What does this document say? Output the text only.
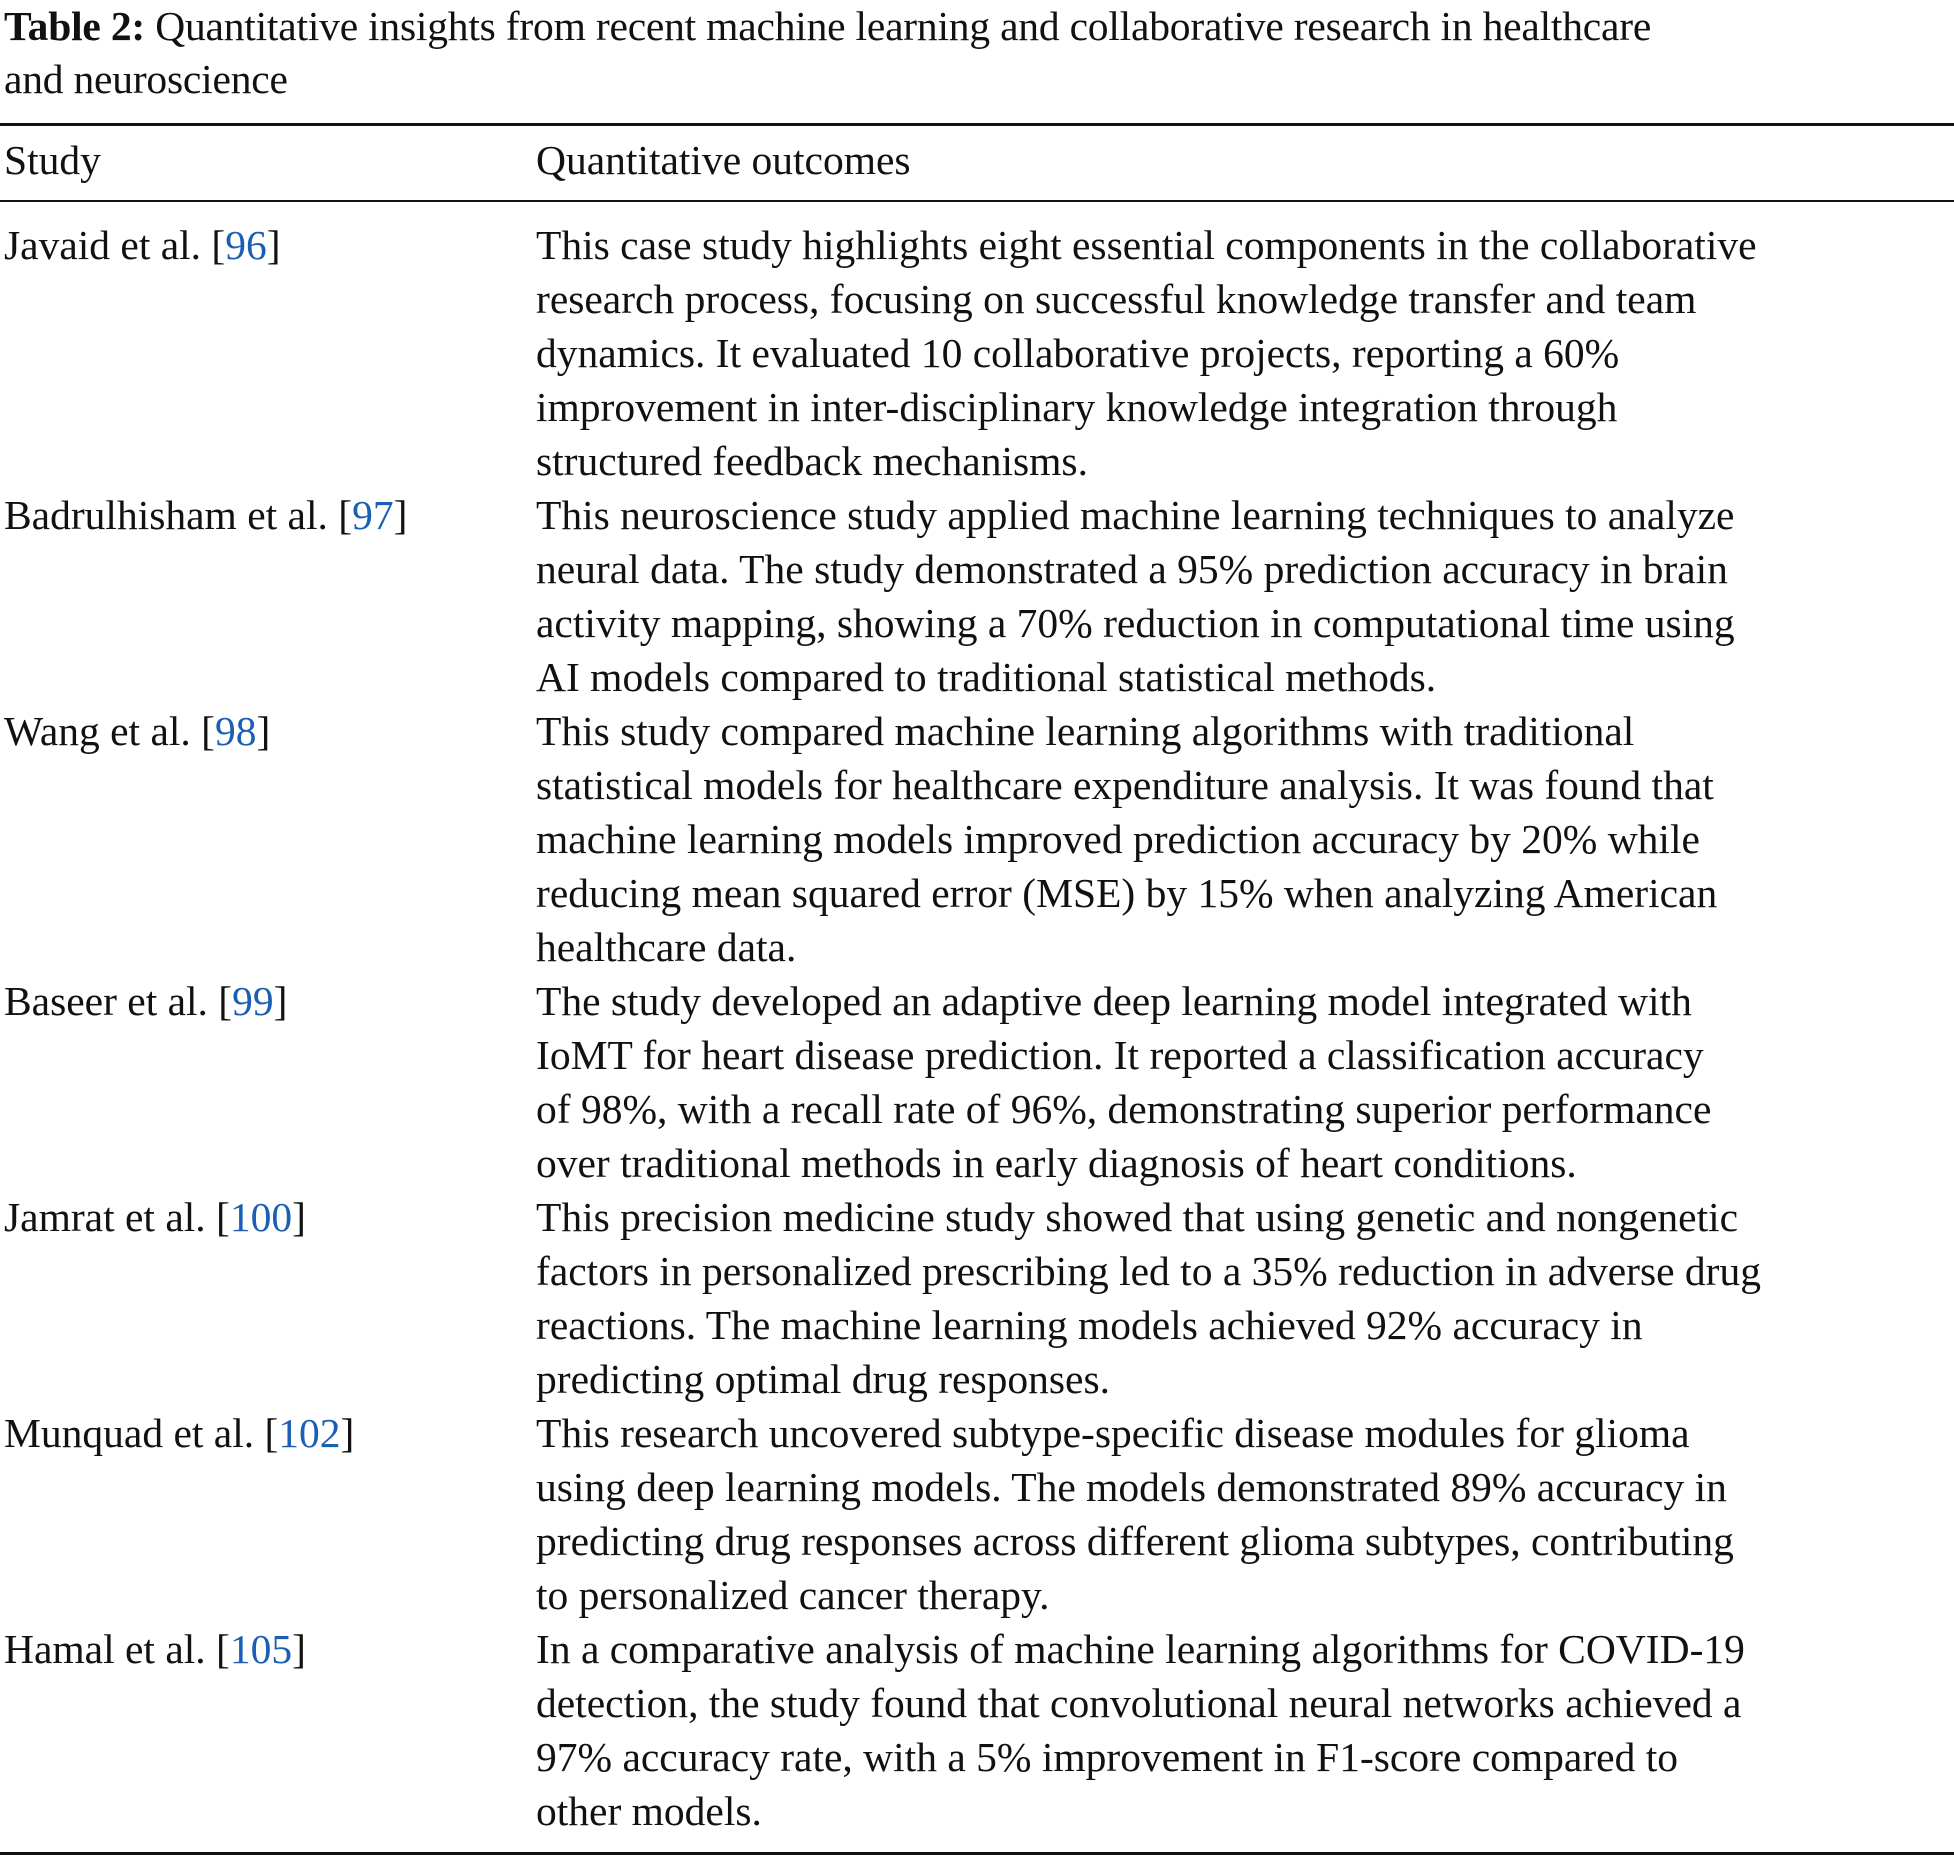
Table 2: Quantitative insights from recent machine learning and collaborative research in healthcare
and neuroscience
Study	Quantitative outcomes
Javaid et al. [96]	This case study highlights eight essential components in the collaborative
research process, focusing on successful knowledge transfer and team
dynamics. It evaluated 10 collaborative projects, reporting a 60%
improvement in inter-disciplinary knowledge integration through
structured feedback mechanisms.
Badrulhisham et al. [97]	This neuroscience study applied machine learning techniques to analyze
neural data. The study demonstrated a 95% prediction accuracy in brain
activity mapping, showing a 70% reduction in computational time using
AI models compared to traditional statistical methods.
Wang et al. [98]	This study compared machine learning algorithms with traditional
statistical models for healthcare expenditure analysis. It was found that
machine learning models improved prediction accuracy by 20% while
reducing mean squared error (MSE) by 15% when analyzing American
healthcare data.
Baseer et al. [99]	The study developed an adaptive deep learning model integrated with
IoMT for heart disease prediction. It reported a classification accuracy
of 98%, with a recall rate of 96%, demonstrating superior performance
over traditional methods in early diagnosis of heart conditions.
Jamrat et al. [100]	This precision medicine study showed that using genetic and nongenetic
factors in personalized prescribing led to a 35% reduction in adverse drug
reactions. The machine learning models achieved 92% accuracy in
predicting optimal drug responses.
Munquad et al. [102]	This research uncovered subtype-specific disease modules for glioma
using deep learning models. The models demonstrated 89% accuracy in
predicting drug responses across different glioma subtypes, contributing
to personalized cancer therapy.
Hamal et al. [105]	In a comparative analysis of machine learning algorithms for COVID-19
detection, the study found that convolutional neural networks achieved a
97% accuracy rate, with a 5% improvement in F1-score compared to
other models.
